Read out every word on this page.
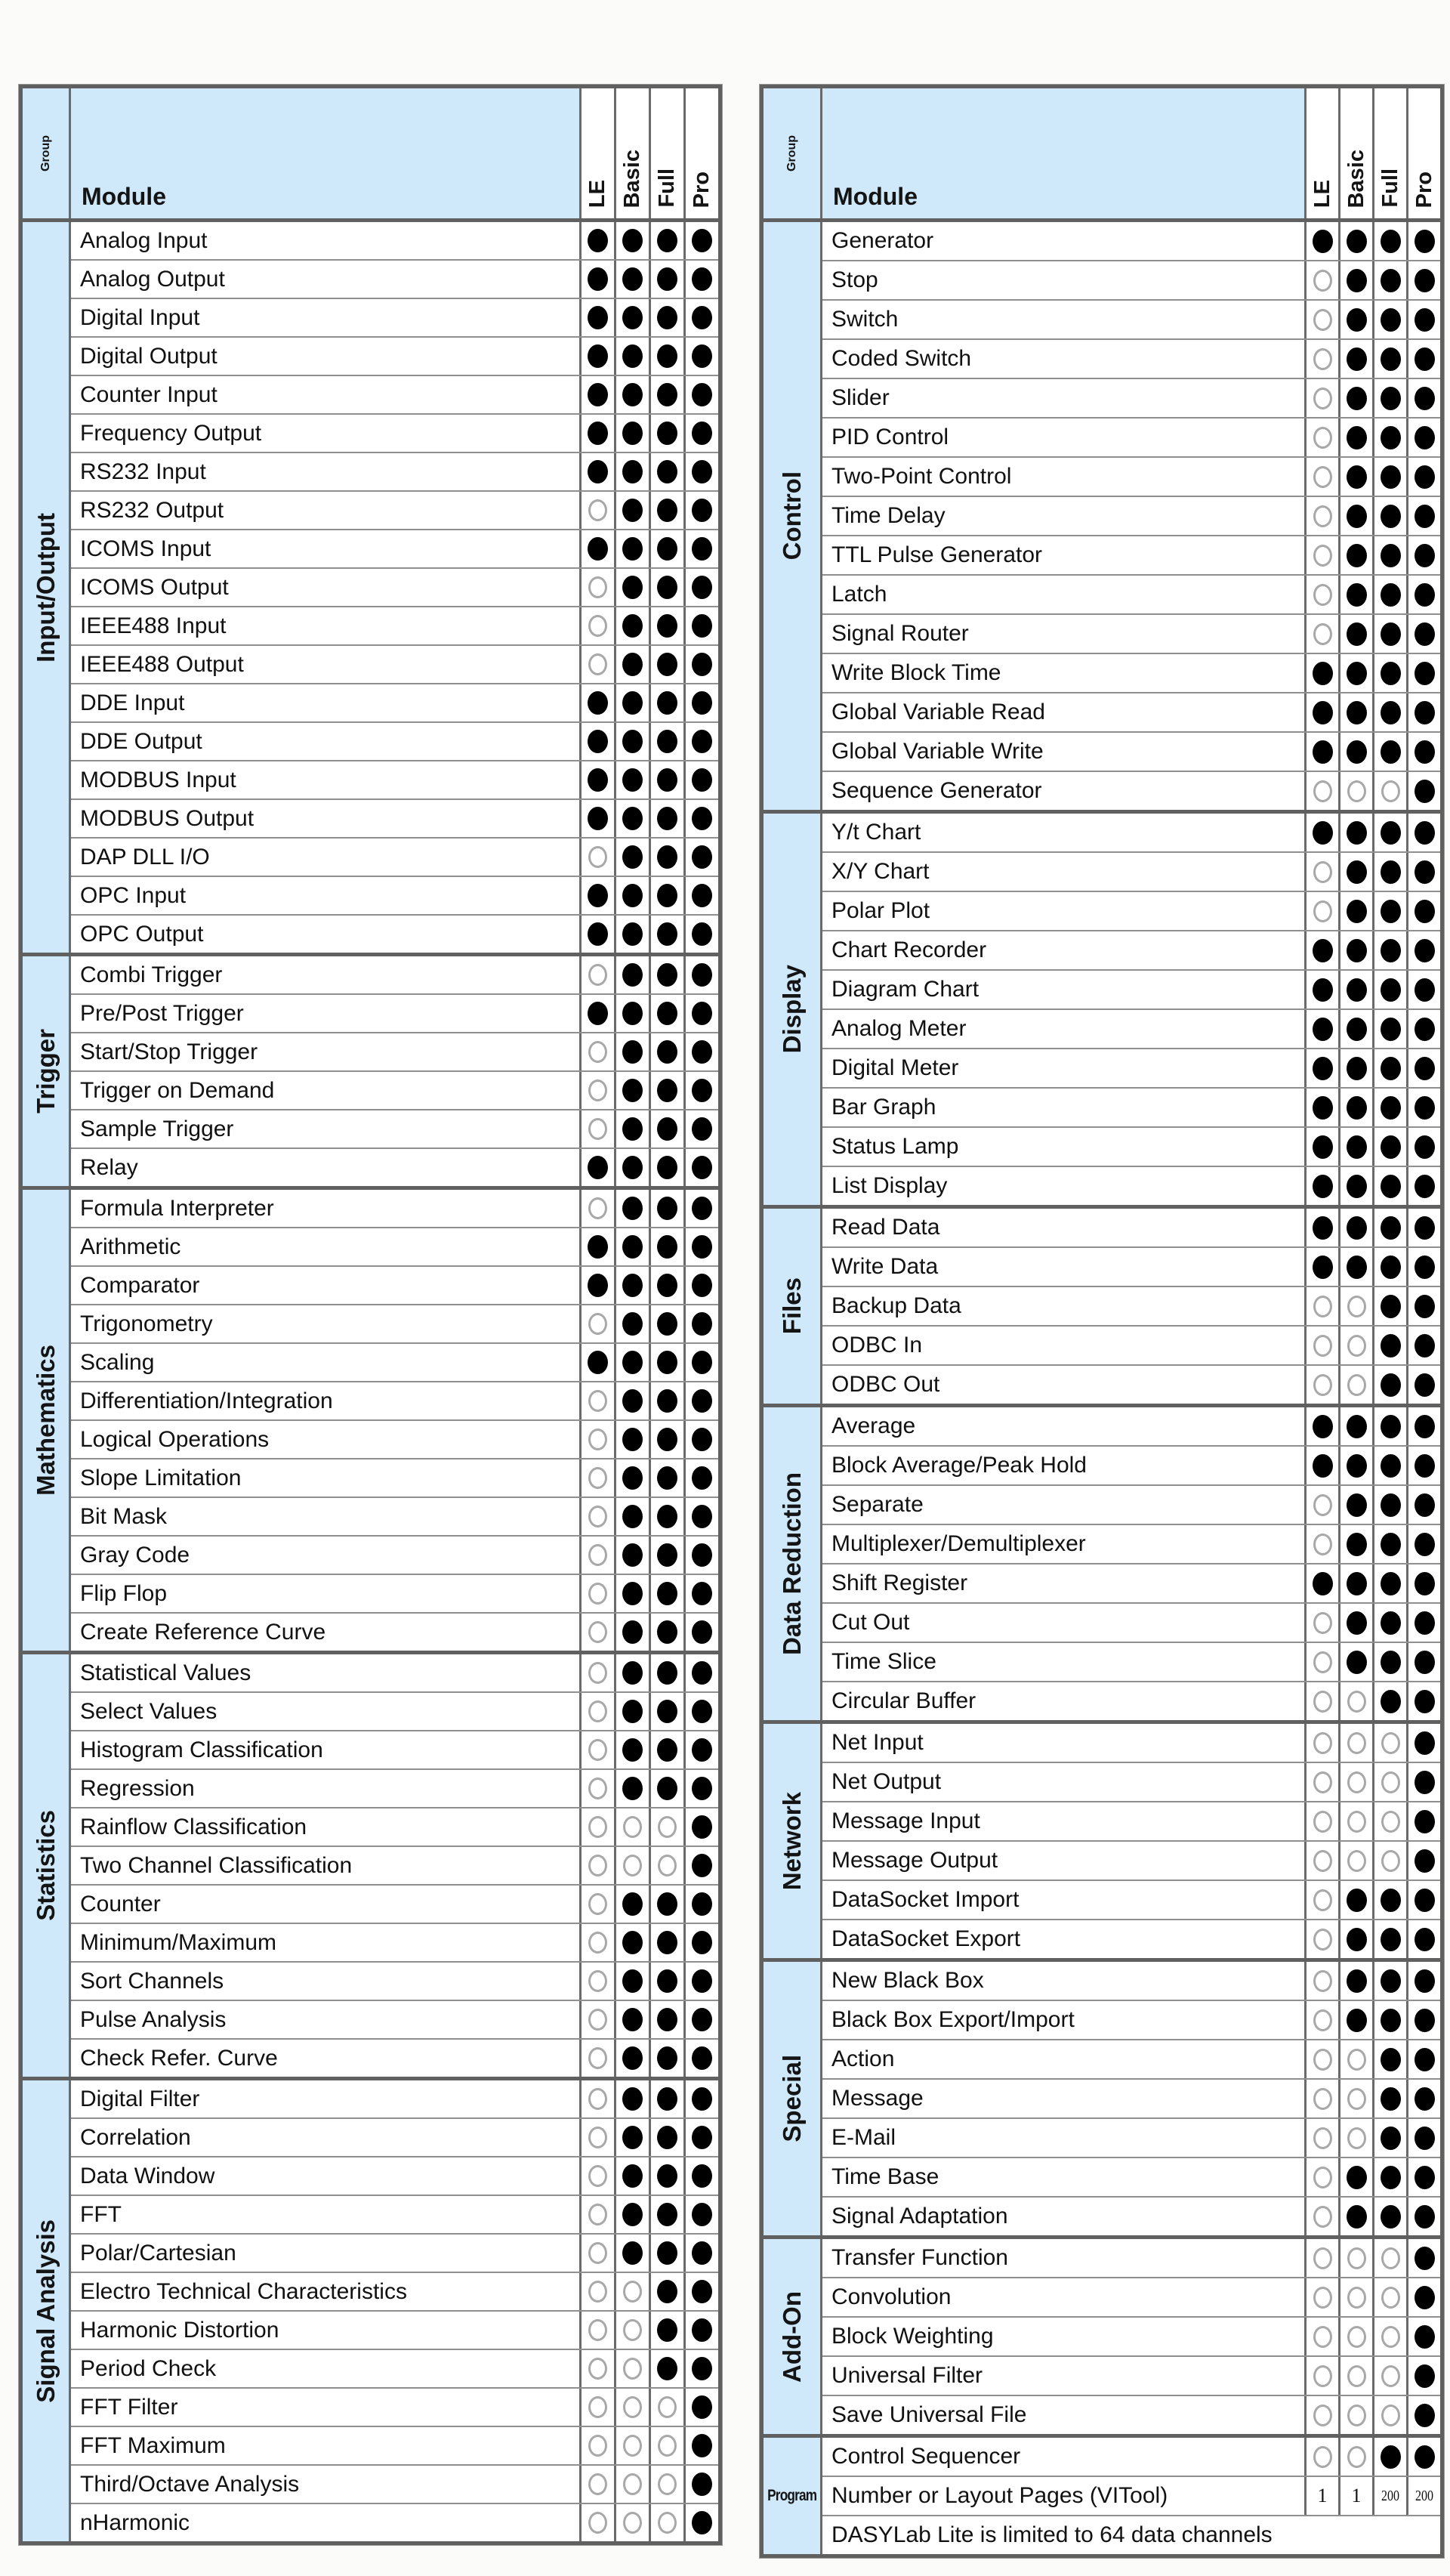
Group
Module	LE Basic Full Pro
Input/Output
Analog Input
Analog Output
Digital Input
Digital Output
Counter Input
Frequency Output
RS232 Input
RS232 Output
ICOMS Input
ICOMS Output
IEEE488 Input
IEEE488 Output
DDE Input
DDE Output
MODBUS Input
MODBUS Output
DAP DLL I/O
OPC Input
OPC Output
Trigger
Combi Trigger
Pre/Post Trigger
Start/Stop Trigger
Trigger on Demand
Sample Trigger
Relay
Mathematics
Formula Interpreter
Arithmetic
Comparator
Trigonometry
Scaling
Differentiation/Integration
Logical Operations
Slope Limitation
Bit Mask
Gray Code
Flip Flop
Create Reference Curve
Statistics
Statistical Values
Select Values
Histogram Classification
Regression
Rainflow Classification
Two Channel Classification
Counter
Minimum/Maximum
Sort Channels
Pulse Analysis
Check Refer. Curve
Signal Analysis
Digital Filter
Correlation
Data Window
FFT
Polar/Cartesian
Electro Technical Characteristics
Harmonic Distortion
Period Check
FFT Filter
FFT Maximum
Third/Octave Analysis
nHarmonic
Group
Module	LE Basic Full Pro
Control
Generator
Stop
Switch
Coded Switch
Slider
PID Control
Two-Point Control
Time Delay
TTL Pulse Generator
Latch
Signal Router
Write Block Time
Global Variable Read
Global Variable Write
Sequence Generator
Display
Y/t Chart
X/Y Chart
Polar Plot
Chart Recorder
Diagram Chart
Analog Meter
Digital Meter
Bar Graph
Status Lamp
List Display
Files
Read Data
Write Data
Backup Data
ODBC In
ODBC Out
Data Reduction
Average
Block Average/Peak Hold
Separate
Multiplexer/Demultiplexer
Shift Register
Cut Out
Time Slice
Circular Buffer
Network
Net Input
Net Output
Message Input
Message Output
DataSocket Import
DataSocket Export
Special
New Black Box
Black Box Export/Import
Action
Message
E-Mail
Time Base
Signal Adaptation
Add-On
Transfer Function
Convolution
Block Weighting
Universal Filter
Save Universal File
Program
Control Sequencer
Number or Layout Pages (VITool)	1 1 200 200
DASYLab Lite is limited to 64 data channels
